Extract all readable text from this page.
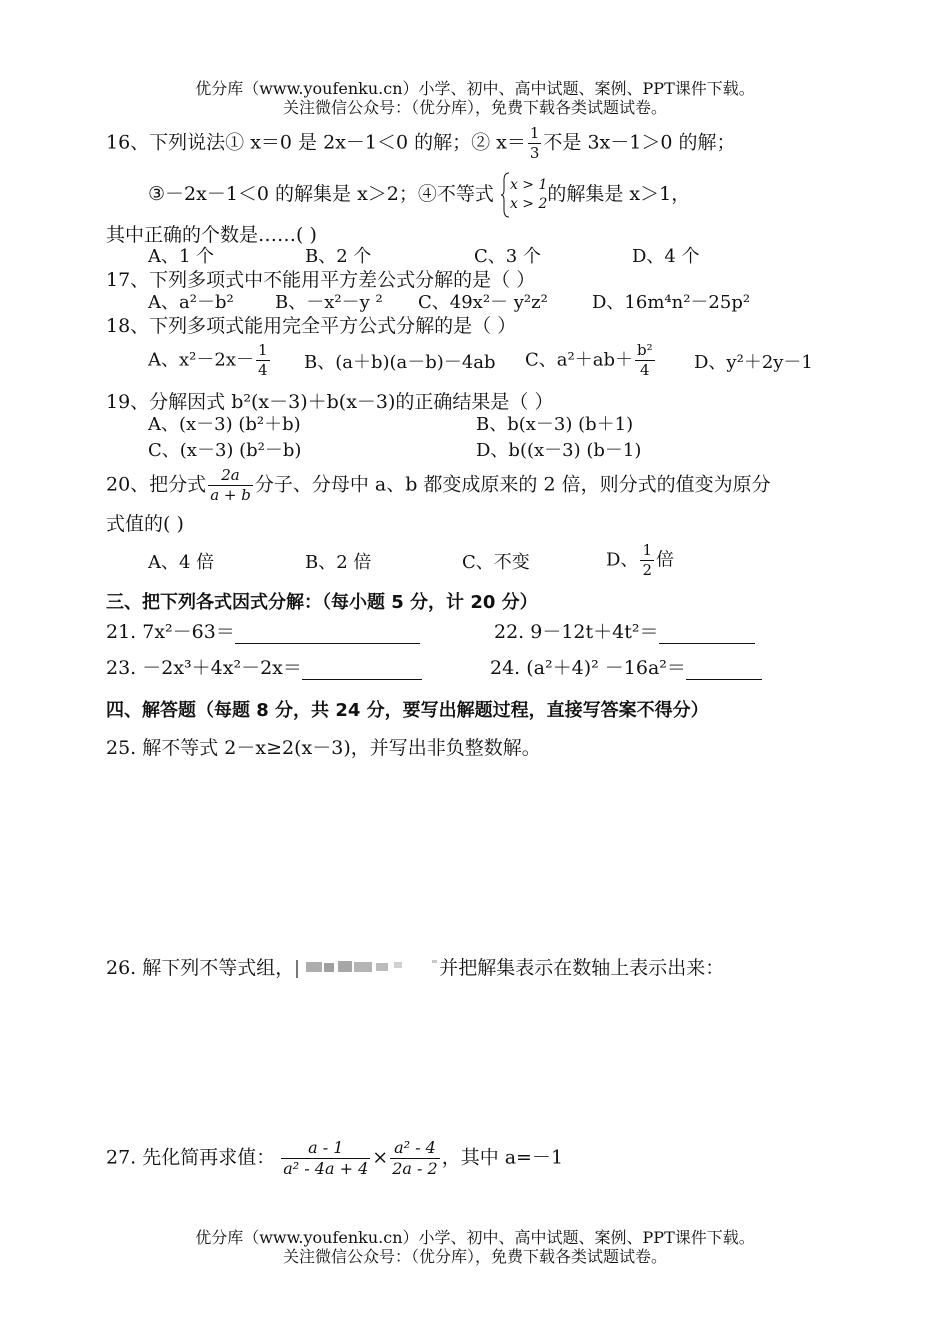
优分库（www.youfenku.cn）小学、初中、高中试题、案例、PPT课件下载。
关注微信公众号：（优分库），免费下载各类试题试卷。
16、下列说法① x＝0 是 2x－1＜0 的解；② $x= \frac{1}{3}$ 不是 3x－1＞0 的解；
③－2x－1＜0 的解集是 x＞2；④不等式 x > 1
x > 2 的解集是 x＞1，
其中正确的个数是……( )
A、1 个	B、2 个	C、3 个	D、4 个
17、下列多项式中不能用平方差公式分解的是（ ）
A、a²－b² B、－x²－y ² C、49x²－ y²z² D、16m⁴n²－25p²
18、下列多项式能用完全平方公式分解的是（ ）
A、$x^2-2x- \frac{1}{4}$ B、(a＋b)(a－b)－4ab C、$a^2+ab+ \frac{\text{b²}}{4}$ D、y²＋2y－1
19、分解因式 b²(x－3)＋b(x－3)的正确结果是（ ）
A、(x－3) (b²＋b)	B、b(x－3) (b＋1)
C、(x－3) (b²－b)	D、b((x－3) (b－1)
20、把分式 $\frac{2a}{a + b}$ 分子、分母中 a、b 都变成原来的 2 倍，则分式的值变为原分
式值的( )
A、4 倍	B、2 倍	C、不变	D、 $\frac{1}{2}$ 倍
三、把下列各式因式分解：（每小题 5 分，计 20 分）
21. 7x²－63＝	22. 9－12t＋4t²＝
23. －2x³＋4x²－2x＝	24. (a²＋4)² －16a²＝
四、解答题（每题 8 分，共 24 分，要写出解题过程，直接写答案不得分）
25. 解不等式 2－x≥2(x－3)，并写出非负整数解。
26. 解下列不等式组，	并把解集表示在数轴上表示出来：
27. 先化简再求值： $\frac{a - 1}{\text{a² - 4a + 4}} \times \frac{\text{a² - 4}}{2a - 2}$ ，其中 a=－1
优分库（www.youfenku.cn）小学、初中、高中试题、案例、PPT课件下载。
关注微信公众号：（优分库），免费下载各类试题试卷。
